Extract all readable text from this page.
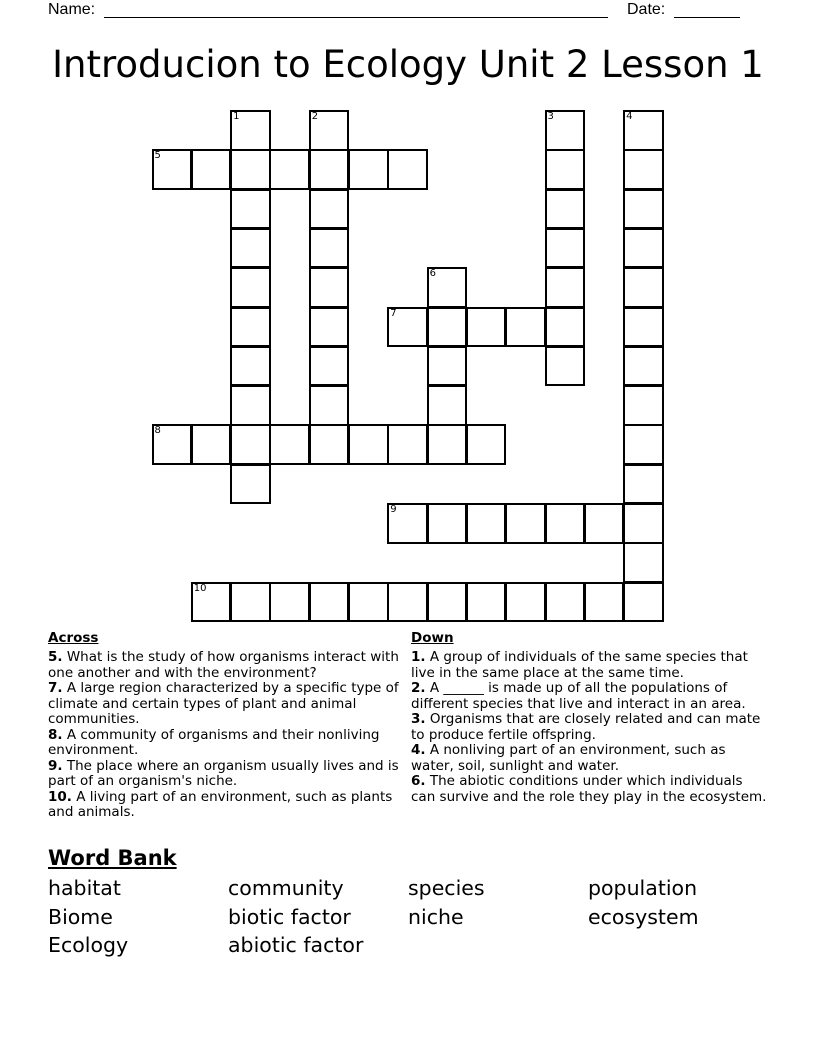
Name:	Date:
Introducion to Ecology Unit 2 Lesson 1
1	2	3	4
5
6
7
8
9
10
Across

5. What is the study of how organisms interact with one another and with the environment?

7. A large region characterized by a specific type of climate and certain types of plant and animal communities.

8. A community of organisms and their nonliving environment.

9. The place where an organism usually lives and is part of an organism's niche.

10. A living part of an environment, such as plants and animals.

Down

1. A group of individuals of the same species that live in the same place at the same time.

2. A ______ is made up of all the populations of different species that live and interact in an area.

3. Organisms that are closely related and can mate to produce fertile offspring.

4. A nonliving part of an environment, such as water, soil, sunlight and water.

6. The abiotic conditions under which individuals can survive and the role they play in the ecosystem.

Word Bank
habitat	community	species	population
Biome	biotic factor	niche	ecosystem
Ecology	abiotic factor
